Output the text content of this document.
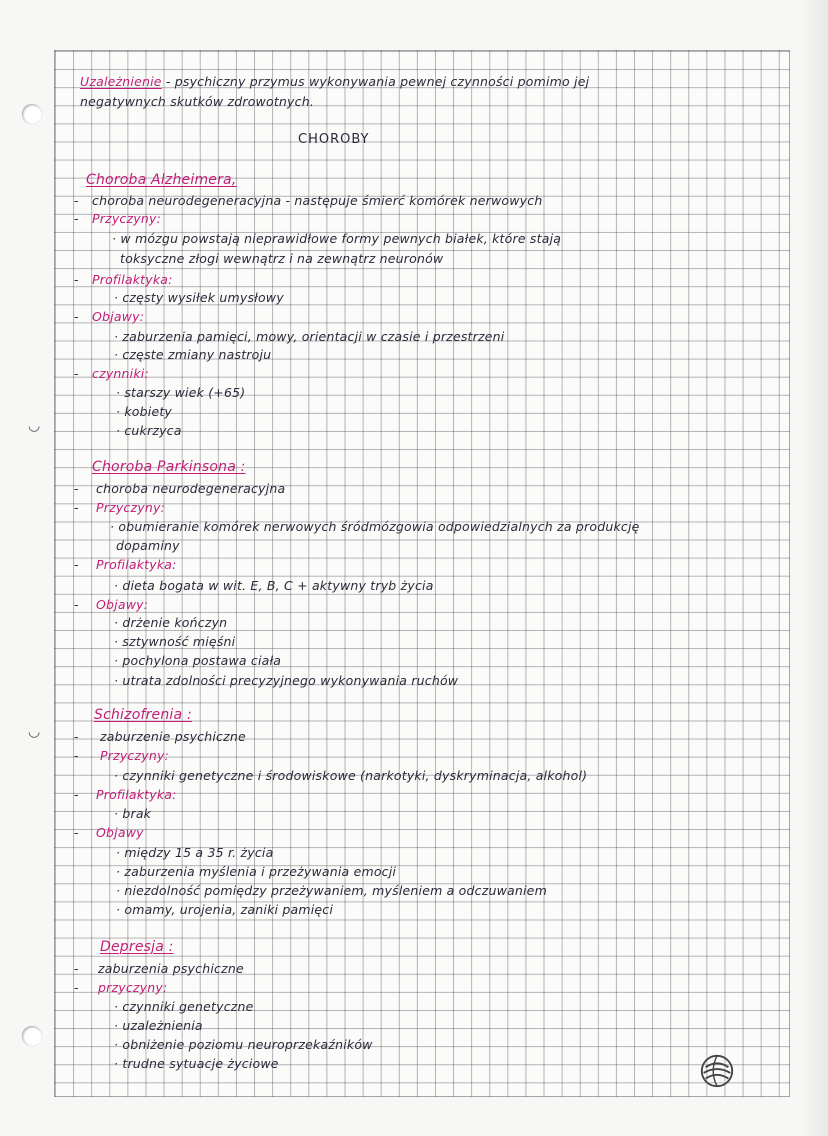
◡
◡
Uzależnienie - psychiczny przymus wykonywania pewnej czynności pomimo jej
negatywnych skutków zdrowotnych.
CHOROBY
Choroba Alzheimera,
- choroba neurodegeneracyjna - następuje śmierć komórek nerwowych
- Przyczyny:
· w mózgu powstają nieprawidłowe formy pewnych białek, które stają
toksyczne złogi wewnątrz i na zewnątrz neuronów
- Profilaktyka:
· częsty wysiłek umysłowy
- Objawy:
· zaburzenia pamięci, mowy, orientacji w czasie i przestrzeni
· częste zmiany nastroju
- czynniki:
· starszy wiek (+65)
· kobiety
· cukrzyca
Choroba Parkinsona :
- choroba neurodegeneracyjna
- Przyczyny:
· obumieranie komórek nerwowych śródmózgowia odpowiedzialnych za produkcję
dopaminy
- Profilaktyka:
· dieta bogata w wit. E, B, C + aktywny tryb życia
- Objawy:
· drżenie kończyn
· sztywność mięśni
· pochylona postawa ciała
· utrata zdolności precyzyjnego wykonywania ruchów
Schizofrenia :
- zaburzenie psychiczne
- Przyczyny:
· czynniki genetyczne i środowiskowe (narkotyki, dyskryminacja, alkohol)
- Profilaktyka:
· brak
- Objawy
· między 15 a 35 r. życia
· zaburzenia myślenia i przeżywania emocji
· niezdolność pomiędzy przeżywaniem, myśleniem a odczuwaniem
· omamy, urojenia, zaniki pamięci
Depresja :
- zaburzenia psychiczne
- przyczyny:
· czynniki genetyczne
· uzależnienia
· obniżenie poziomu neuroprzekaźników
· trudne sytuacje życiowe
